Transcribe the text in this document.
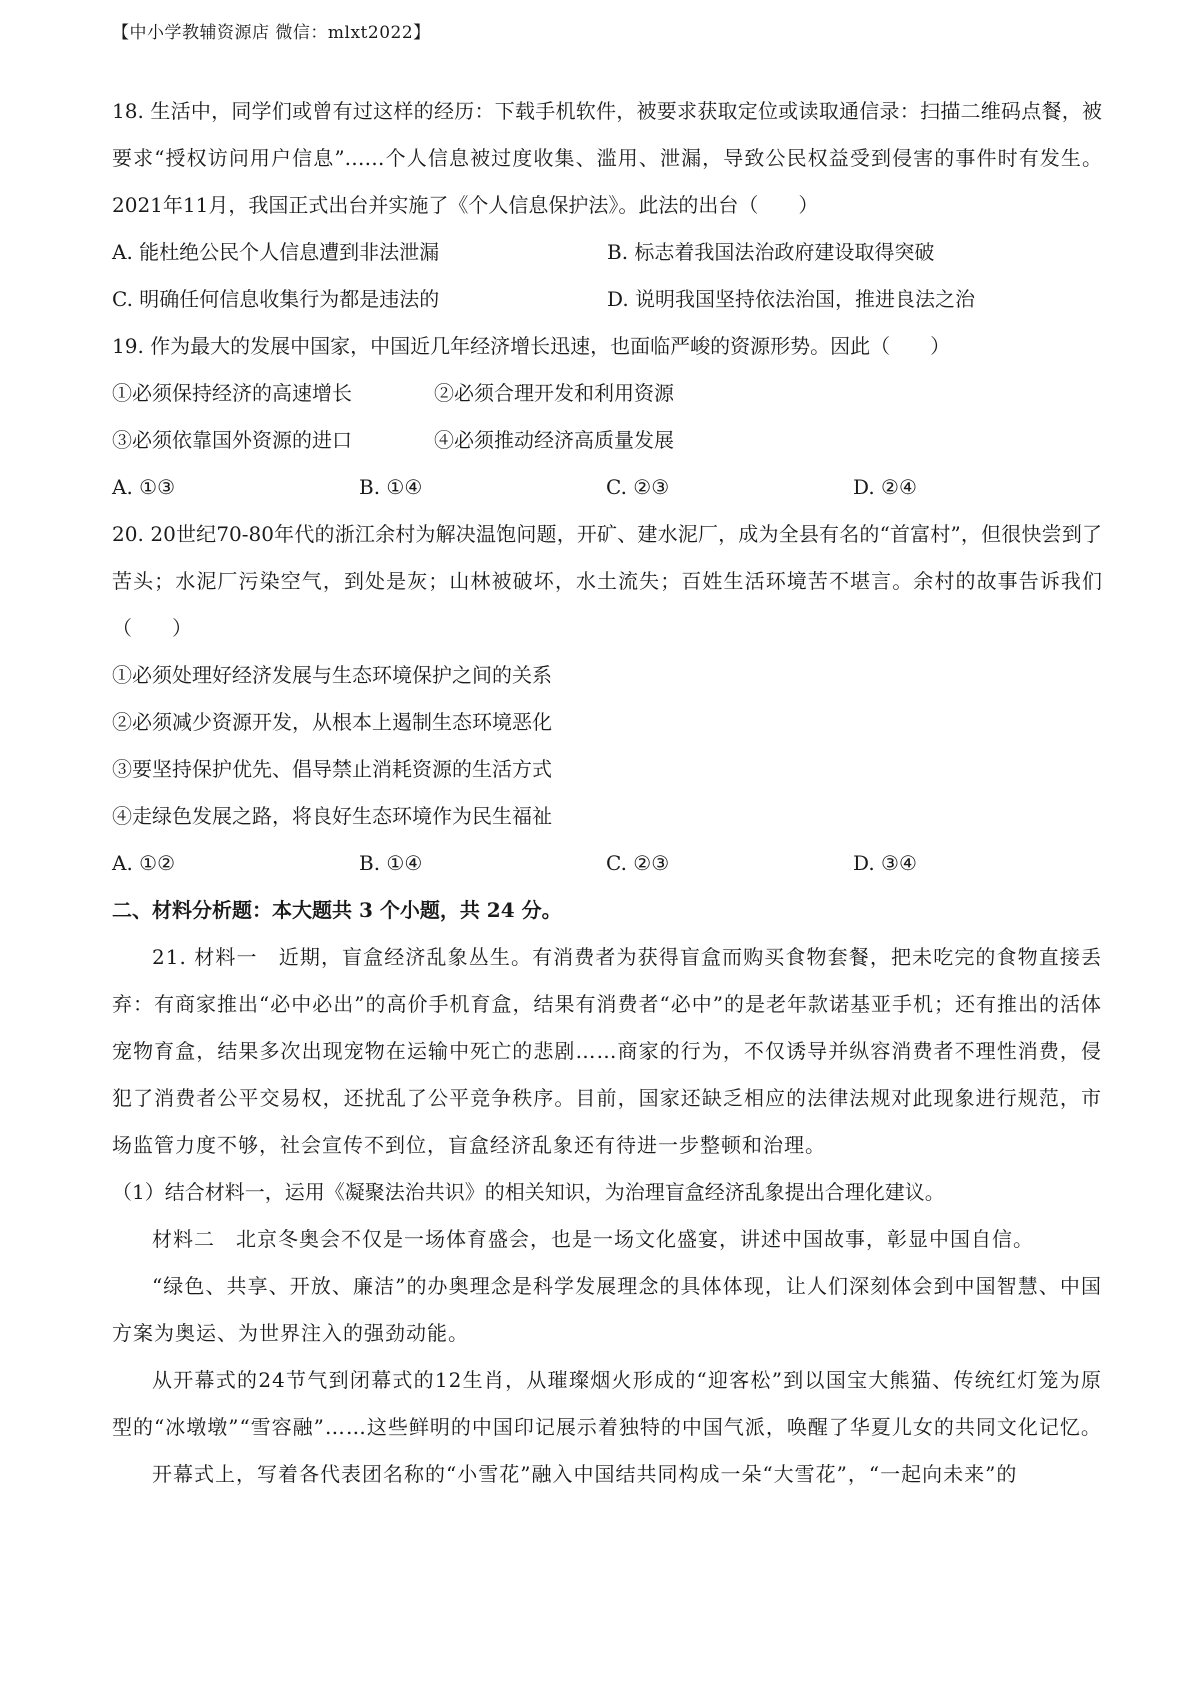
【中小学教辅资源店 微信：mlxt2022】

18. 生活中，同学们或曾有过这样的经历：下载手机软件，被要求获取定位或读取通信录：扫描二维码点餐，被要求“授权访问用户信息”……个人信息被过度收集、滥用、泄漏，导致公民权益受到侵害的事件时有发生。2021年11月，我国正式出台并实施了《个人信息保护法》。此法的出台（　　）

A. 能杜绝公民个人信息遭到非法泄漏	B. 标志着我国法治政府建设取得突破
C. 明确任何信息收集行为都是违法的	D. 说明我国坚持依法治国，推进良法之治

19. 作为最大的发展中国家，中国近几年经济增长迅速，也面临严峻的资源形势。因此（　　）

①必须保持经济的高速增长	②必须合理开发和利用资源
③必须依靠国外资源的进口	④必须推动经济高质量发展
A. ①③	B. ①④	C. ②③	D. ②④

20. 20世纪70-80年代的浙江余村为解决温饱问题，开矿、建水泥厂，成为全县有名的“首富村”，但很快尝到了苦头；水泥厂污染空气，到处是灰；山林被破坏，水土流失；百姓生活环境苦不堪言。余村的故事告诉我们（　　）

①必须处理好经济发展与生态环境保护之间的关系
②必须减少资源开发，从根本上遏制生态环境恶化
③要坚持保护优先、倡导禁止消耗资源的生活方式
④走绿色发展之路，将良好生态环境作为民生福祉
A. ①②	B. ①④	C. ②③	D. ③④

二、材料分析题：本大题共 3 个小题，共 24 分。

21. 材料一　近期，盲盒经济乱象丛生。有消费者为获得盲盒而购买食物套餐，把未吃完的食物直接丢弃：有商家推出“必中必出”的高价手机育盒，结果有消费者“必中”的是老年款诺基亚手机；还有推出的活体宠物育盒，结果多次出现宠物在运输中死亡的悲剧……商家的行为，不仅诱导并纵容消费者不理性消费，侵犯了消费者公平交易权，还扰乱了公平竞争秩序。目前，国家还缺乏相应的法律法规对此现象进行规范，市场监管力度不够，社会宣传不到位，盲盒经济乱象还有待进一步整顿和治理。

（1）结合材料一，运用《凝聚法治共识》的相关知识，为治理盲盒经济乱象提出合理化建议。

材料二　北京冬奥会不仅是一场体育盛会，也是一场文化盛宴，讲述中国故事，彰显中国自信。

“绿色、共享、开放、廉洁”的办奥理念是科学发展理念的具体体现，让人们深刻体会到中国智慧、中国方案为奥运、为世界注入的强劲动能。

从开幕式的24节气到闭幕式的12生肖，从璀璨烟火形成的“迎客松”到以国宝大熊猫、传统红灯笼为原型的“冰墩墩”“雪容融”……这些鲜明的中国印记展示着独特的中国气派，唤醒了华夏儿女的共同文化记忆。

开幕式上，写着各代表团名称的“小雪花”融入中国结共同构成一朵“大雪花”，“一起向未来”的
